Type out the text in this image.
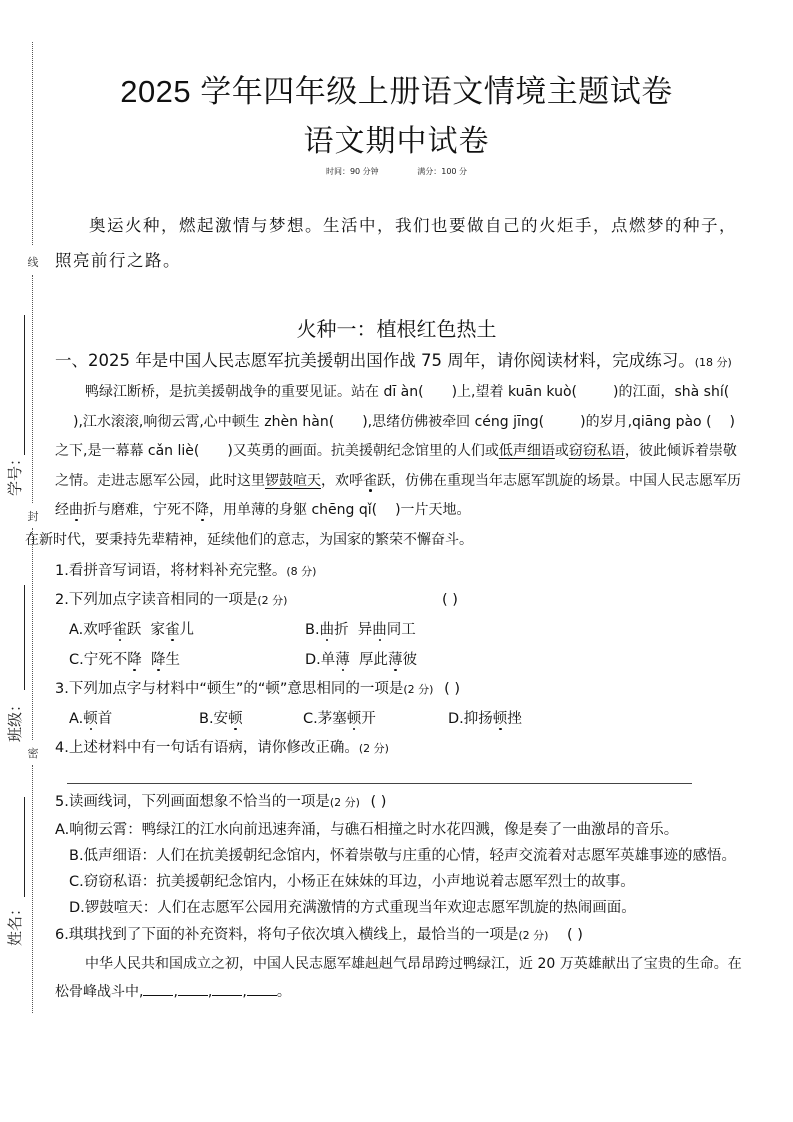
线
封
密
学号：
班级：
姓名：
2025 学年四年级上册语文情境主题试卷
语文期中试卷
时间：90 分钟	满分：100 分
奥运火种，燃起激情与梦想。生活中，我们也要做自己的火炬手，点燃梦的种子，照亮前行之路。
火种一：植根红色热土
一、2025 年是中国人民志愿军抗美援朝出国作战 75 周年，请你阅读材料，完成练习。(18 分)
鸭绿江断桥，是抗美援朝战争的重要见证。站在 dī àn( )上,望着 kuān kuò(	)的江面，shà shí(),江水滚滚,响彻云霄,心中顿生 zhèn hàn( ),思绪仿佛被牵回 céng jīng(	)的岁月,qiāng pào ( )之下,是一幕幕 cǎn liè( )又英勇的画面。抗美援朝纪念馆里的人们或低声细语或窃窃私语，彼此倾诉着崇敬之情。走进志愿军公园，此时这里锣鼓喧天，欢呼雀跃，仿佛在重现当年志愿军凯旋的场景。中国人民志愿军历经曲折与磨难，宁死不降，用单薄的身躯 chēng qǐ( )一片天地。
在新时代，要秉持先辈精神，延续他们的意志，为国家的繁荣不懈奋斗。
1.看拼音写词语，将材料补充完整。(8 分)
2.下列加点字读音相同的一项是(2 分)	( )
A.欢呼雀跃  家雀儿	B.曲折  异曲同工
C.宁死不降 降生	D.单薄  厚此薄彼
3.下列加点字与材料中“顿生”的“顿”意思相同的一项是(2 分) ( )
A.顿首	B.安顿	C.茅塞顿开	D.抑扬顿挫
4.上述材料中有一句话有语病，请你修改正确。(2 分)
5.读画线词，下列画面想象不恰当的一项是(2 分) ( )
A.响彻云霄：鸭绿江的江水向前迅速奔涌，与礁石相撞之时水花四溅，像是奏了一曲激昂的音乐。
B.低声细语：人们在抗美援朝纪念馆内，怀着崇敬与庄重的心情，轻声交流着对志愿军英雄事迹的感悟。
C.窃窃私语：抗美援朝纪念馆内，小杨正在妹妹的耳边，小声地说着志愿军烈士的故事。
D.锣鼓喧天：人们在志愿军公园用充满激情的方式重现当年欢迎志愿军凯旋的热闹画面。
6.琪琪找到了下面的补充资料，将句子依次填入横线上，最恰当的一项是(2 分) ( )
中华人民共和国成立之初，中国人民志愿军雄赳赳气昂昂跨过鸭绿江，近 20 万英雄献出了宝贵的生命。在松骨峰战斗中, , , , 。
